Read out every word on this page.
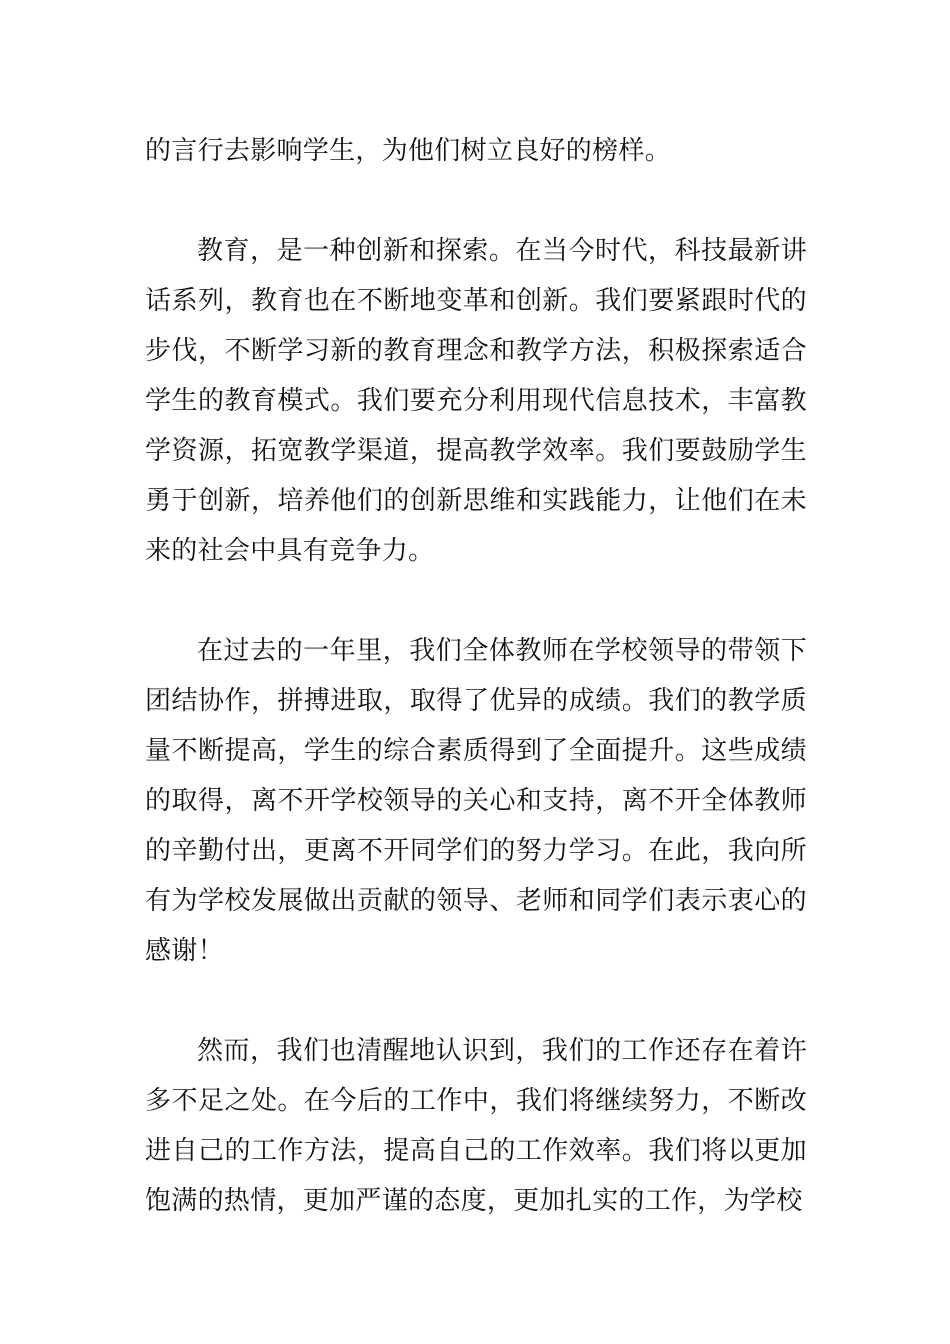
的言行去影响学生，为他们树立良好的榜样。

教育，是一种创新和探索。在当今时代，科技最新讲话系列，教育也在不断地变革和创新。我们要紧跟时代的步伐，不断学习新的教育理念和教学方法，积极探索适合学生的教育模式。我们要充分利用现代信息技术，丰富教学资源，拓宽教学渠道，提高教学效率。我们要鼓励学生勇于创新，培养他们的创新思维和实践能力，让他们在未来的社会中具有竞争力。

在过去的一年里，我们全体教师在学校领导的带领下团结协作，拼搏进取，取得了优异的成绩。我们的教学质量不断提高，学生的综合素质得到了全面提升。这些成绩的取得，离不开学校领导的关心和支持，离不开全体教师的辛勤付出，更离不开同学们的努力学习。在此，我向所有为学校发展做出贡献的领导、老师和同学们表示衷心的感谢！

然而，我们也清醒地认识到，我们的工作还存在着许多不足之处。在今后的工作中，我们将继续努力，不断改进自己的工作方法，提高自己的工作效率。我们将以更加饱满的热情，更加严谨的态度，更加扎实的工作，为学校
